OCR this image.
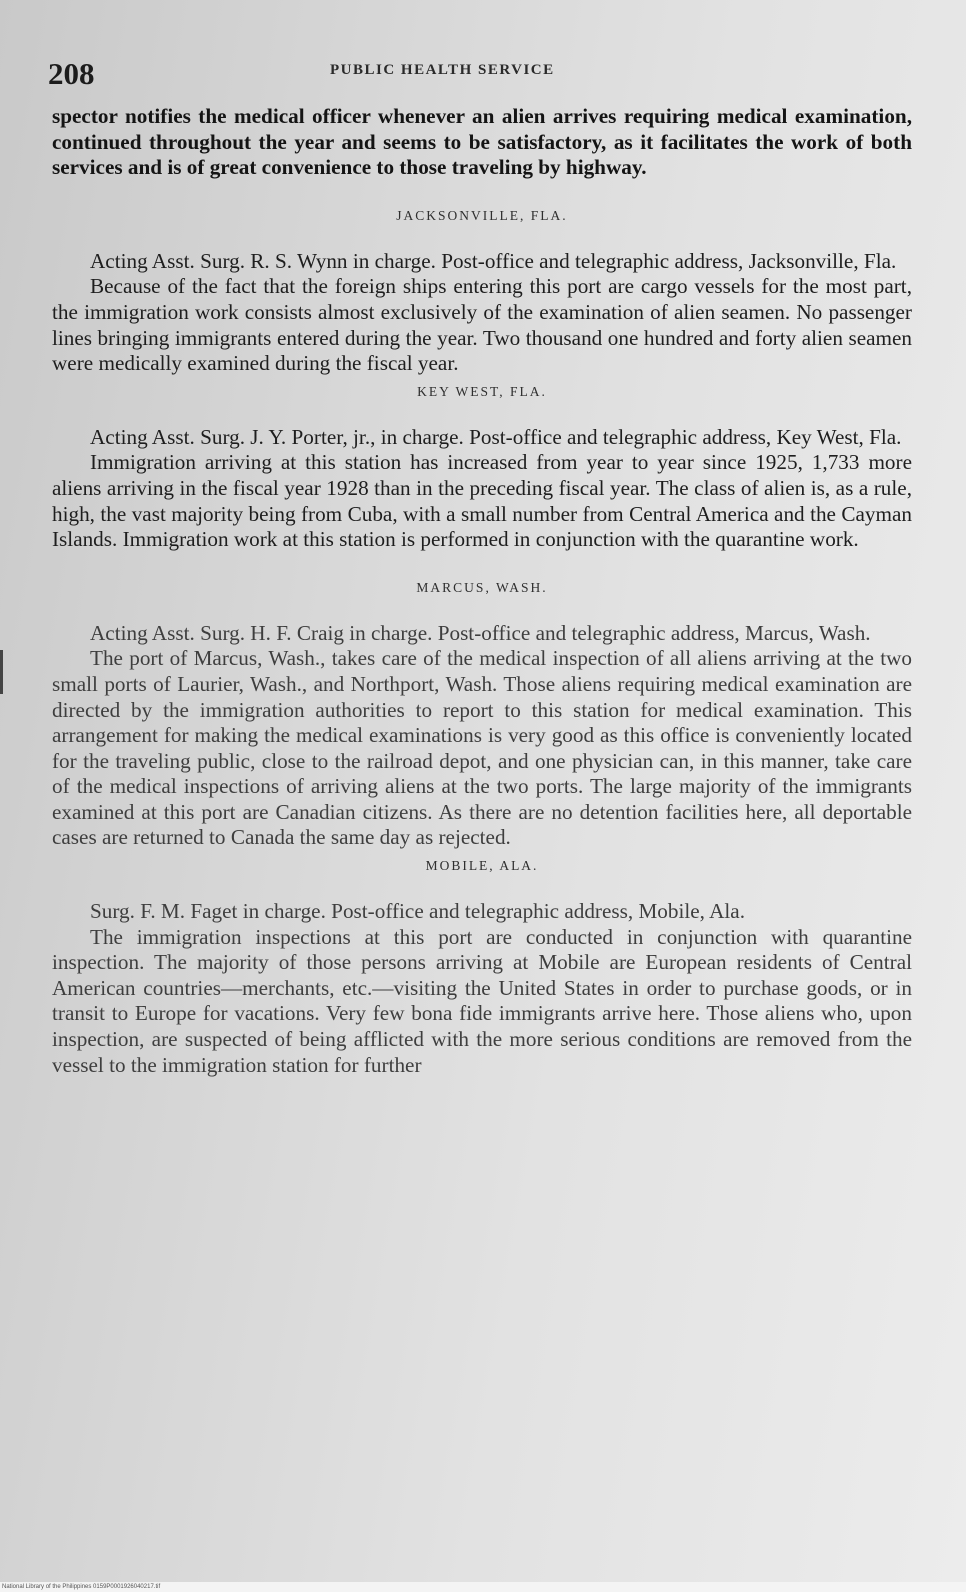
208	PUBLIC HEALTH SERVICE

spector notifies the medical officer whenever an alien arrives requiring medical examination, continued throughout the year and seems to be satisfactory, as it facilitates the work of both services and is of great convenience to those traveling by highway.

JACKSONVILLE, FLA.

Acting Asst. Surg. R. S. Wynn in charge. Post-office and telegraphic address, Jacksonville, Fla.

Because of the fact that the foreign ships entering this port are cargo vessels for the most part, the immigration work consists almost exclusively of the examination of alien seamen. No passenger lines bringing immigrants entered during the year. Two thousand one hundred and forty alien seamen were medically examined during the fiscal year.

KEY WEST, FLA.

Acting Asst. Surg. J. Y. Porter, jr., in charge. Post-office and telegraphic address, Key West, Fla.

Immigration arriving at this station has increased from year to year since 1925, 1,733 more aliens arriving in the fiscal year 1928 than in the preceding fiscal year. The class of alien is, as a rule, high, the vast majority being from Cuba, with a small number from Central America and the Cayman Islands. Immigration work at this station is performed in conjunction with the quarantine work.

MARCUS, WASH.

Acting Asst. Surg. H. F. Craig in charge. Post-office and telegraphic address, Marcus, Wash.

The port of Marcus, Wash., takes care of the medical inspection of all aliens arriving at the two small ports of Laurier, Wash., and Northport, Wash. Those aliens requiring medical examination are directed by the immigration authorities to report to this station for medical examination. This arrangement for making the medical examinations is very good as this office is conveniently located for the traveling public, close to the railroad depot, and one physician can, in this manner, take care of the medical inspections of arriving aliens at the two ports. The large majority of the immigrants examined at this port are Canadian citizens. As there are no detention facilities here, all deportable cases are returned to Canada the same day as rejected.

MOBILE, ALA.

Surg. F. M. Faget in charge. Post-office and telegraphic address, Mobile, Ala.

The immigration inspections at this port are conducted in conjunction with quarantine inspection. The majority of those persons arriving at Mobile are European residents of Central American countries—merchants, etc.—visiting the United States in order to purchase goods, or in transit to Europe for vacations. Very few bona fide immigrants arrive here. Those aliens who, upon inspection, are suspected of being afflicted with the more serious conditions are removed from the vessel to the immigration station for further

National Library of the Philippines 0159P0001926040217.tif
